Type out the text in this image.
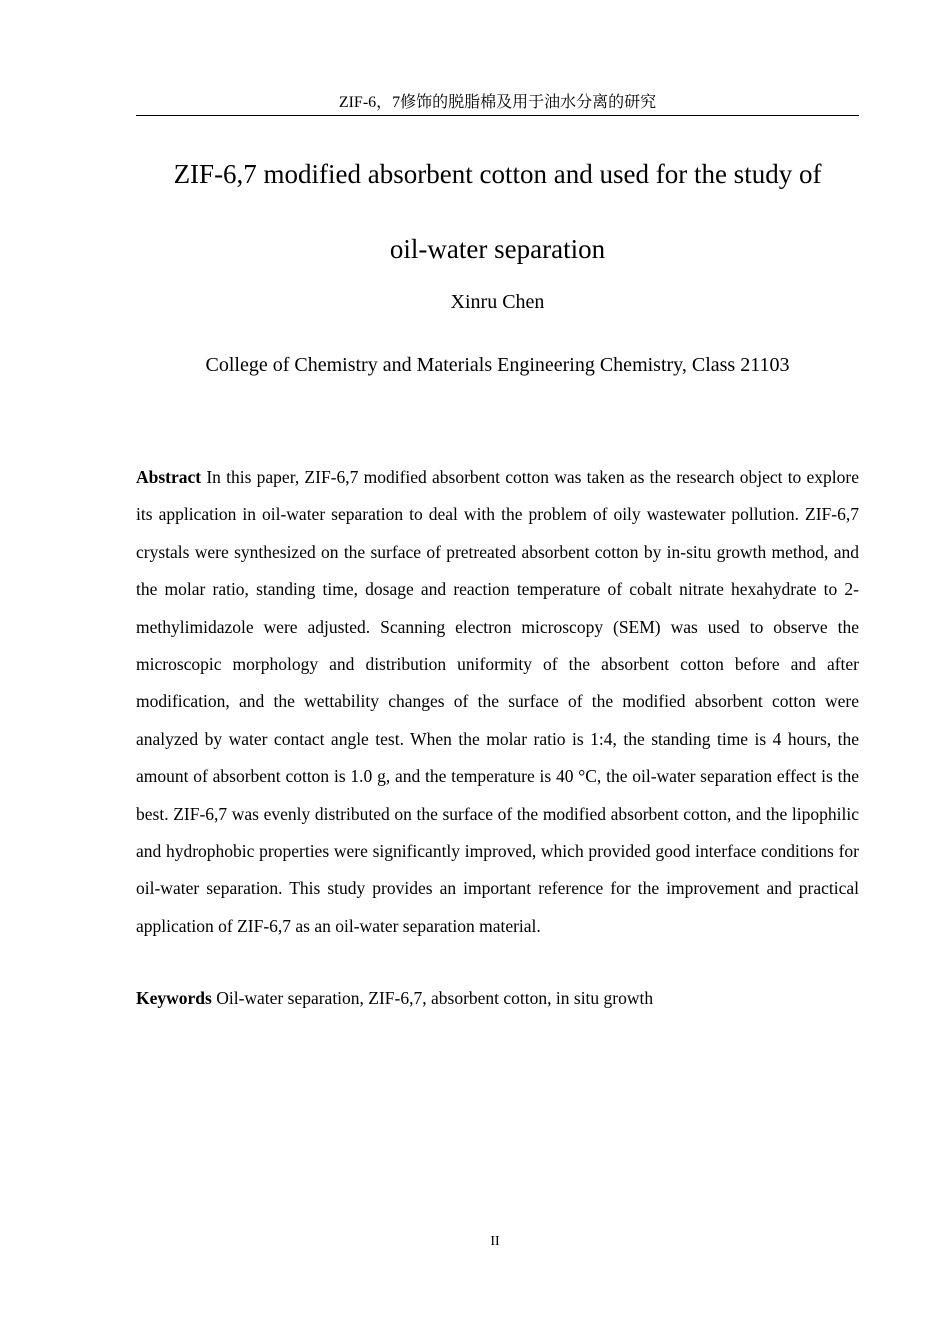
ZIF-6，7修饰的脱脂棉及用于油水分离的研究
ZIF-6,7 modified absorbent cotton and used for the study of
oil-water separation
Xinru Chen
College of Chemistry and Materials Engineering Chemistry, Class 21103

Abstract In this paper, ZIF-6,7 modified absorbent cotton was taken as the research object to explore its application in oil-water separation to deal with the problem of oily wastewater pollution. ZIF-6,7 crystals were synthesized on the surface of pretreated absorbent cotton by in-situ growth method, and the molar ratio, standing time, dosage and reaction temperature of cobalt nitrate hexahydrate to 2-methylimidazole were adjusted. Scanning electron microscopy (SEM) was used to observe the microscopic morphology and distribution uniformity of the absorbent cotton before and after modification, and the wettability changes of the surface of the modified absorbent cotton were analyzed by water contact angle test. When the molar ratio is 1:4, the standing time is 4 hours, the amount of absorbent cotton is 1.0 g, and the temperature is 40 °C, the oil-water separation effect is the best. ZIF-6,7 was evenly distributed on the surface of the modified absorbent cotton, and the lipophilic and hydrophobic properties were significantly improved, which provided good interface conditions for oil-water separation. This study provides an important reference for the improvement and practical application of ZIF-6,7 as an oil-water separation material.

Keywords Oil-water separation, ZIF-6,7, absorbent cotton, in situ growth

II
